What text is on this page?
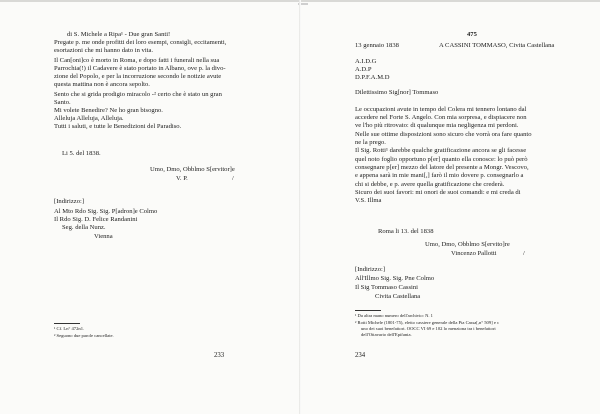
di S. Michele a Ripa¹ - Due gran Santi!
Pregate p. me onde profitti dei loro esempi, consigli, eccitamenti,
esortazioni che mi hanno dato in vita.
Il Can[oni]co è morto in Roma, e dopo fatti i funerali nella sua
Parrochia(!) il Cadavere è stato portato in Albano, ove p. la divo-
zione del Popolo, e per la incorruzione secondo le notizie avute
questa mattina non è ancora sepolto.
Sento che si grida prodigio miracolo -² certo che è stato un gran
Santo.
Mi volete Benedire? Ne ho gran bisogno.
Alleluja Alleluja, Alleluja.
Tutti i saluti, e tutte le Benedizioni del Paradiso.
Li 5. del 1838.
Umo, Dmo, Obblmo S[ervitor]e
V. P.	/
[Indirizzo:]
Al Mto Rdo Sig. Sig. P[adron]e Colmo
Il Rdo Sig. D. Felice Randanini
Seg. della Nunz.
Vienna
¹ Cf. Ln° 472n1.
² Seguono due parole cancellate.
233
475
13 gennaio 1838	A CASSINI TOMMASO, Civita Castellana
A.I.D.G
A.D.P
D.P.F.A.M.D
Dilettissimo Sig[nor] Tommaso
Le occupazioni avute in tempo del Colera mi tennero lontano dal
accedere nel Forte S. Angelo. Con mia sorpresa, e dispiacere non
ve l'ho più ritrovato: di qualunque mia negligenza mi perdoni.
Nelle sue ottime disposizioni sono sicuro che vorrà ora fare quanto
ne la prego.
Il Sig. Rotti¹ darebbe qualche gratificazione ancora se gli facesse
quel noto foglio opportuno p[er] quanto ella conosce: lo può però
consegnare p[er] mezzo del latore del presente a Mongr. Vescovo,
e appena sarà in mie mani[,] farò il mio dovere p. consegnarlo a
chi si debbe, e p. avere quella gratificazione che crederà.
Sicuro dei suoi favori: mi onori de suoi comandi: e mi creda di
V.S. Illma
Roma li 13. del 1838
Umo, Dmo, Obblmo S[ervito]re
Vincenzo Pallotti	/
[Indirizzo:]
All'Illmo Sig. Sig. Pne Colmo
Il Sig Tommaso Cassini
Civita Castellana
¹ Da altra mano numero dell'archivio: N. 1
² Rotti Michele (1801-75), eletto cassiere generale della Pia Cassa[,n° 509] e c
uno dei suoi benefattori. OOCC VI 69 e 102 lo menziona tra i benefattori
dell'Ottavario dell'Epifania.
234
